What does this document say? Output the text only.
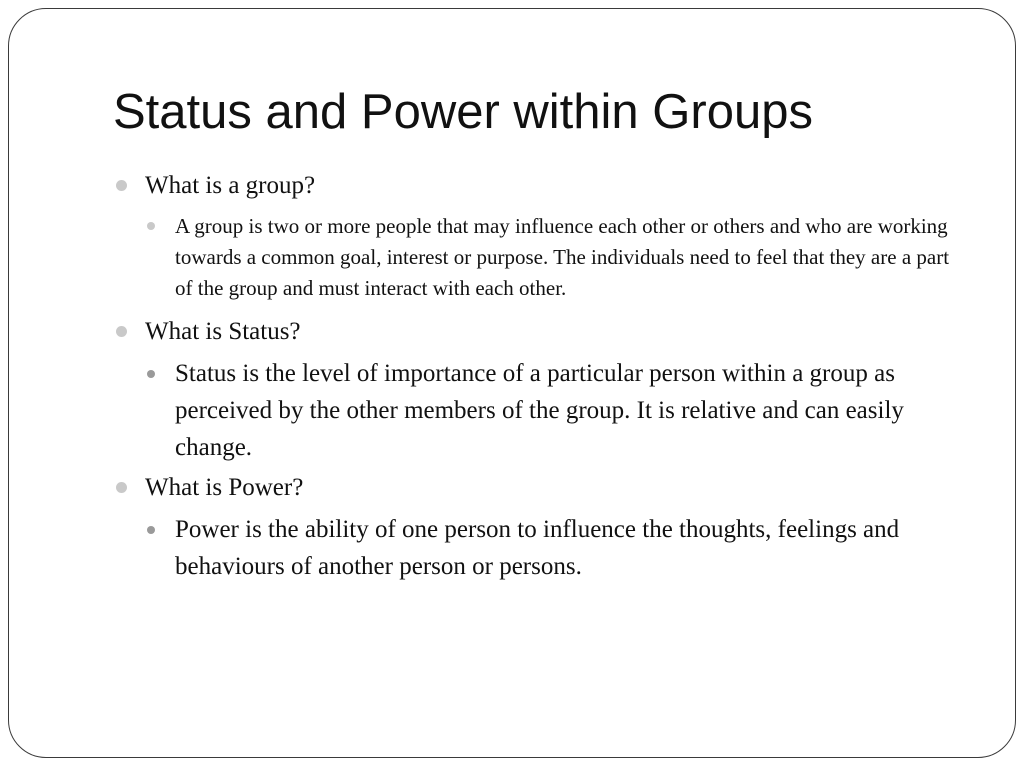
Status and Power within Groups
What is a group?
A group is two or more people that may influence each other or others and who are working towards a common goal, interest or purpose. The individuals need to feel that they are a part of the group and must interact with each other.
What is Status?
Status is the level of importance of a particular person within a group as perceived by the other members of the group. It is relative and can easily change.
What is Power?
Power is the ability of one person to influence the thoughts, feelings and behaviours of another person or persons.
